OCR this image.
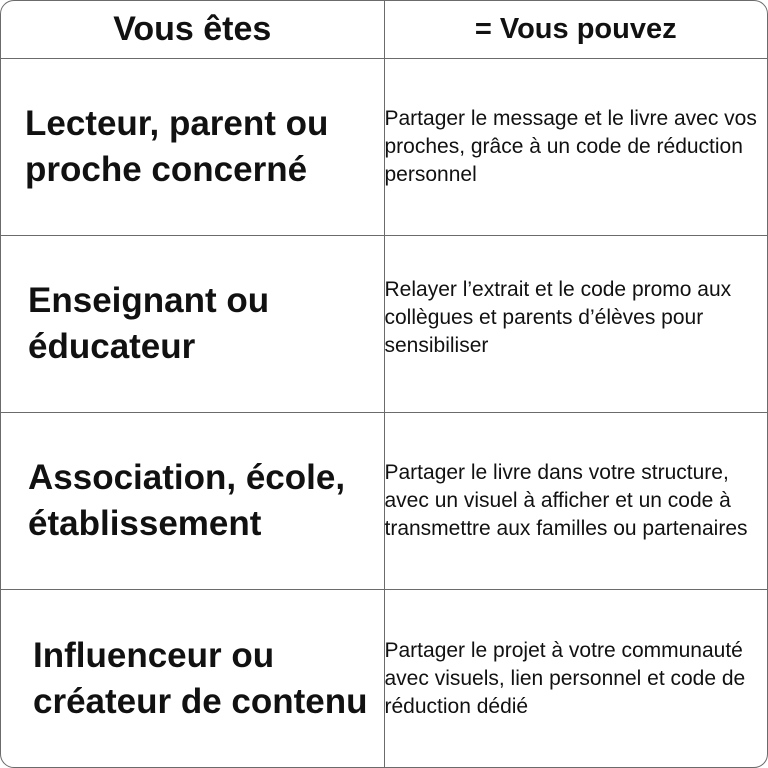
Vous êtes	= Vous pouvez

Lecteur, parent ou proche concerné	Partager le message et le livre avec vos proches, grâce à un code de réduction personnel

Enseignant ou éducateur	Relayer l’extrait et le code promo aux collègues et parents d’élèves pour sensibiliser

Association, école, établissement	Partager le livre dans votre structure, avec un visuel à afficher et un code à transmettre aux familles ou partenaires

Influenceur ou créateur de contenu	Partager le projet à votre communauté avec visuels, lien personnel et code de réduction dédié
